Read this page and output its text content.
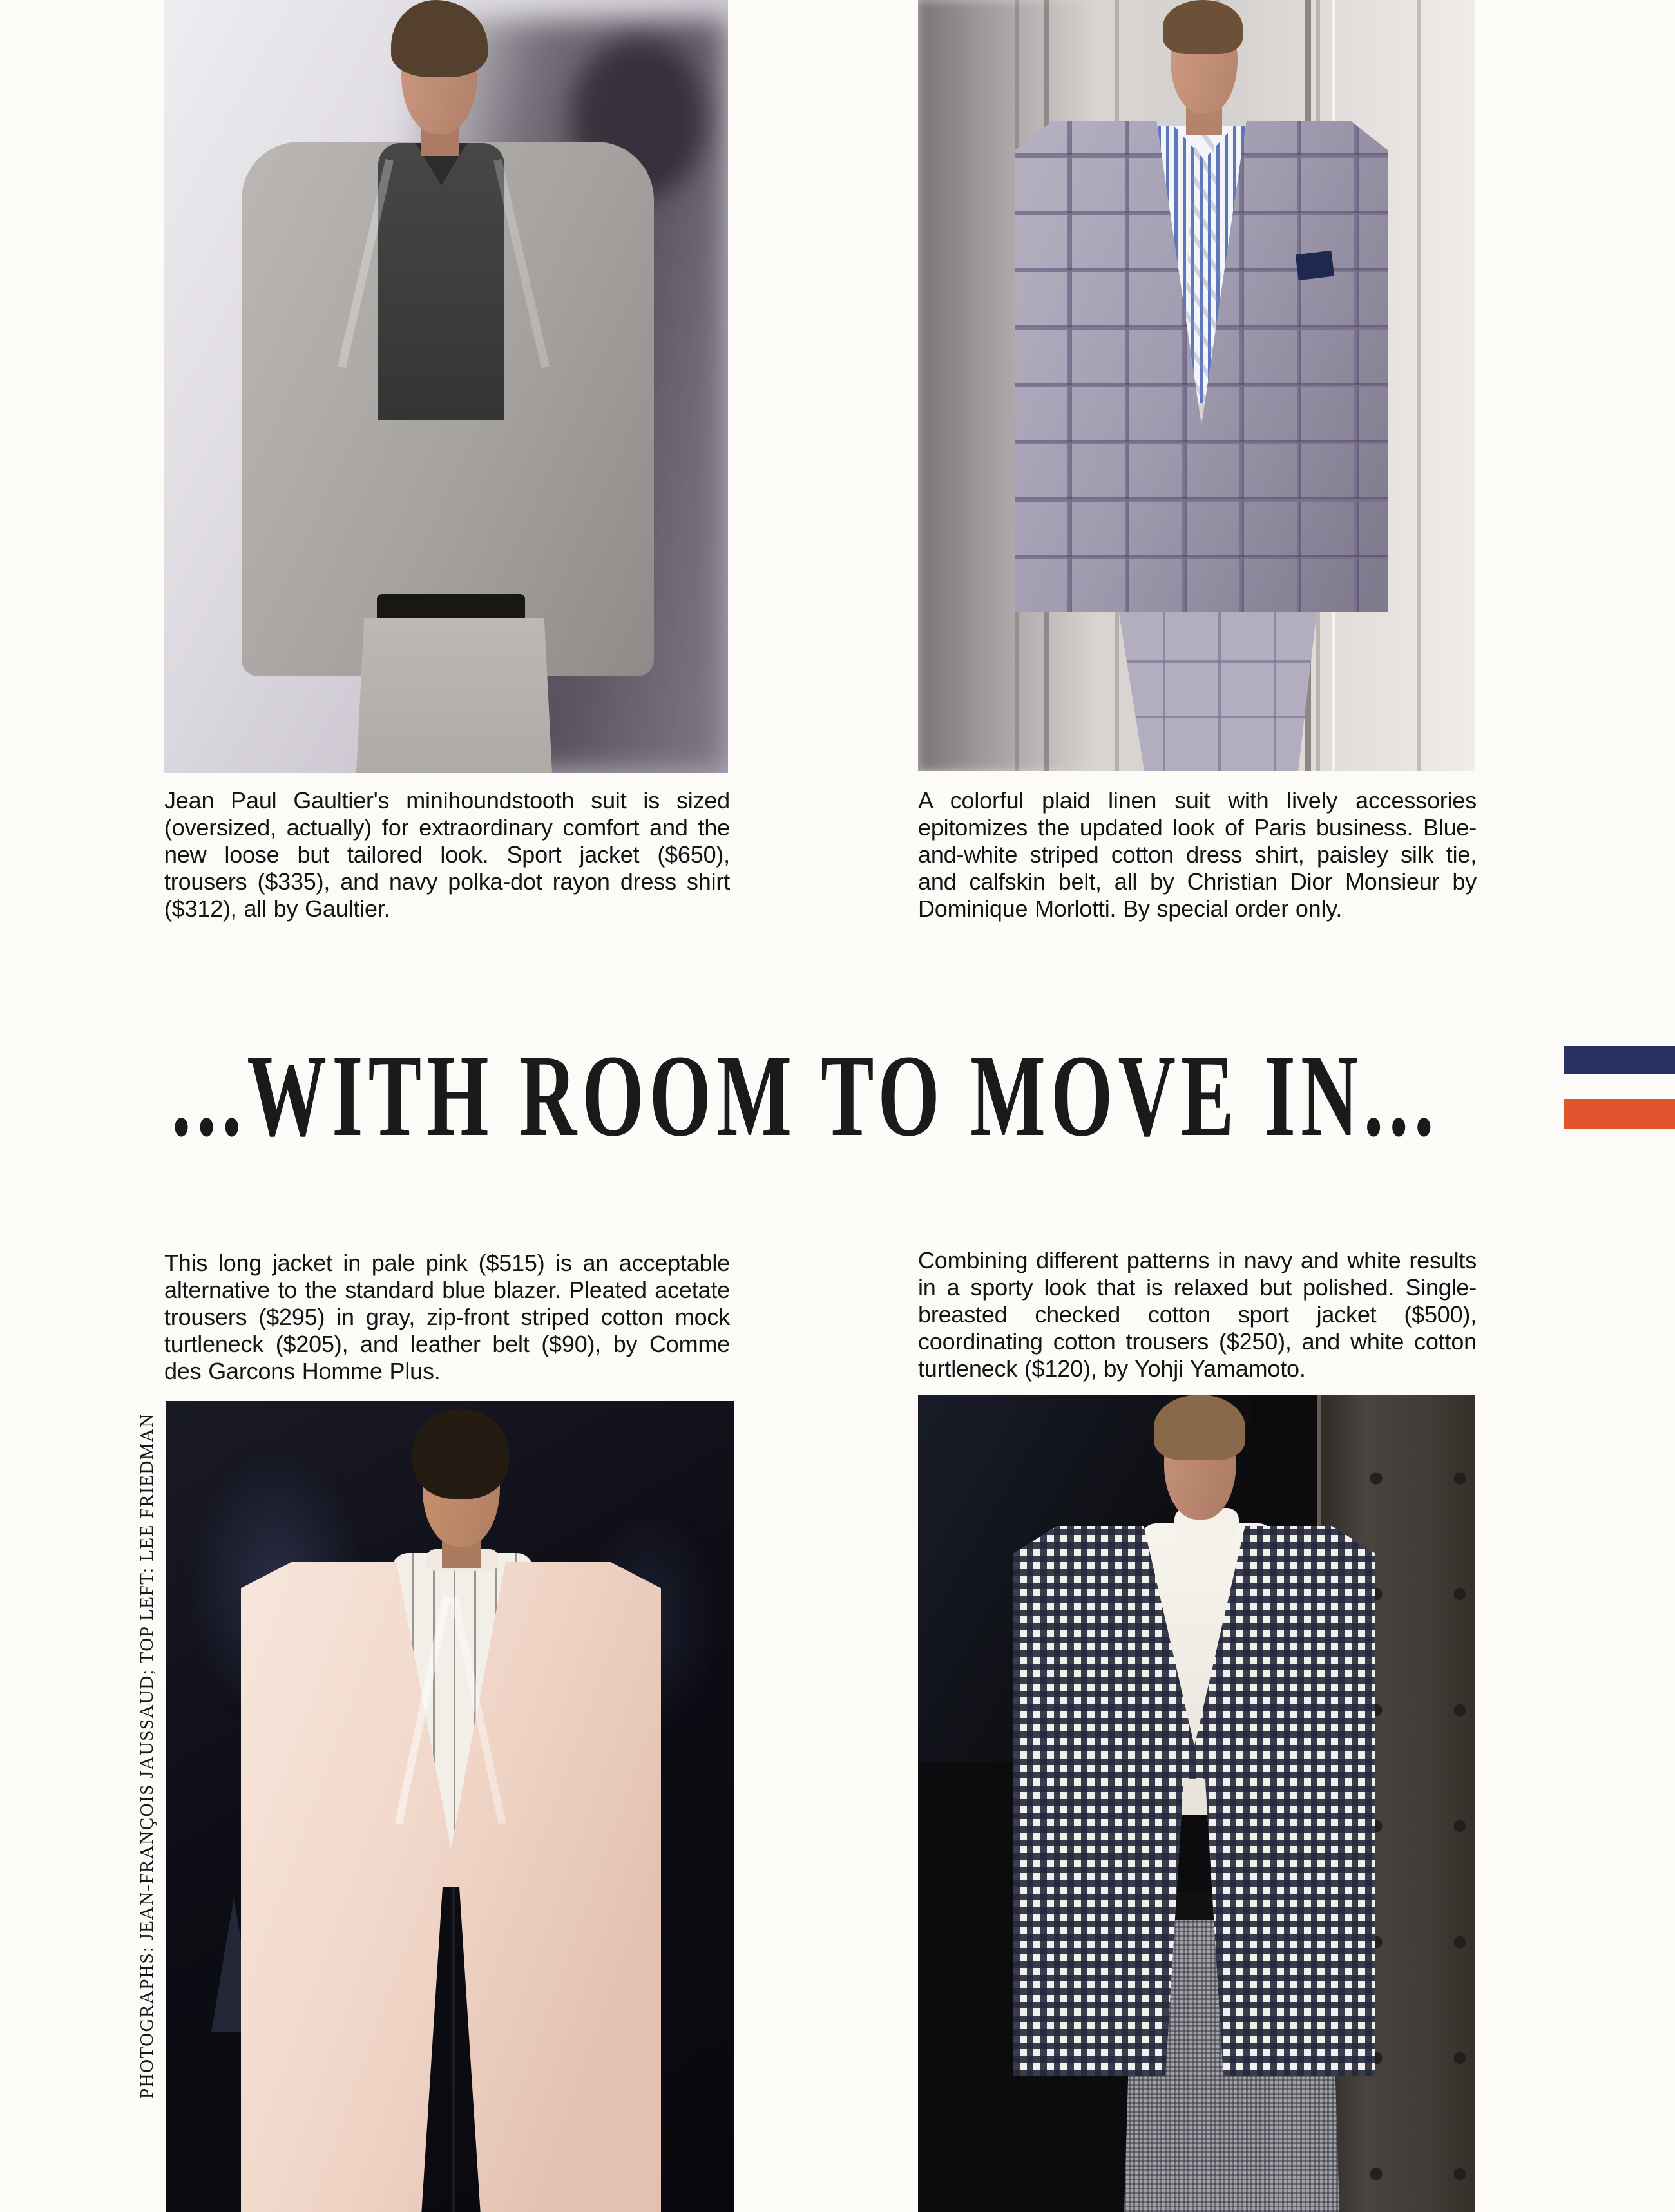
Jean Paul Gaultier's minihoundstooth suit is sized (oversized, actually) for extraordinary comfort and the new loose but tailored look. Sport jacket ($650), trousers ($335), and navy polka-dot rayon dress shirt ($312), all by Gaultier.

A colorful plaid linen suit with lively accessories epitomizes the updated look of Paris business. Blue-and-white striped cotton dress shirt, paisley silk tie, and calfskin belt, all by Christian Dior Monsieur by Dominique Morlotti. By special order only.

...WITH ROOM TO MOVE IN...

This long jacket in pale pink ($515) is an acceptable alternative to the standard blue blazer. Pleated acetate trousers ($295) in gray, zip-front striped cotton mock turtleneck ($205), and leather belt ($90), by Comme des Garcons Homme Plus.

Combining different patterns in navy and white results in a sporty look that is relaxed but polished. Single-breasted checked cotton sport jacket ($500), coordinating cotton trousers ($250), and white cotton turtleneck ($120), by Yohji Yamamoto.

PHOTOGRAPHS: JEAN-FRANÇOIS JAUSSAUD; TOP LEFT: LEE FRIEDMAN
